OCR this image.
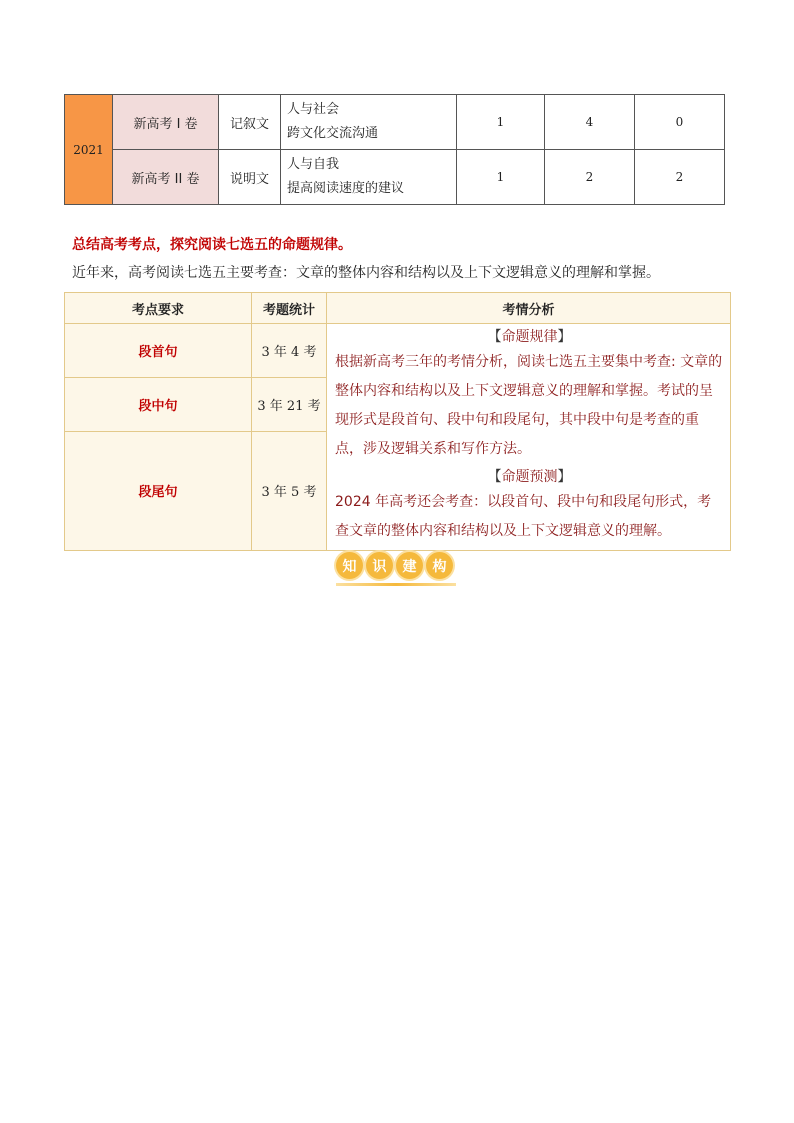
2021	新高考 I 卷	记叙文	人与社会
跨文化交流沟通	1	4	0
	新高考 II 卷	说明文	人与自我
提高阅读速度的建议	1	2	2
总结高考考点，探究阅读七选五的命题规律。
近年来，高考阅读七选五主要考查：文章的整体内容和结构以及上下文逻辑意义的理解和掌握。
考点要求	考题统计	考情分析
段首句	3 年 4 考	【命题规律】
根据新高考三年的考情分析，阅读七选五主要集中考查: 文章的整体内容和结构以及上下文逻辑意义的理解和掌握。考试的呈现形式是段首句、段中句和段尾句，其中段中句是考查的重点，涉及逻辑关系和写作方法。
【命题预测】
2024 年高考还会考查：以段首句、段中句和段尾句形式，考查文章的整体内容和结构以及上下文逻辑意义的理解。

段中句	3 年 21 考	
段尾句	3 年 5 考	
知	识	建	构
